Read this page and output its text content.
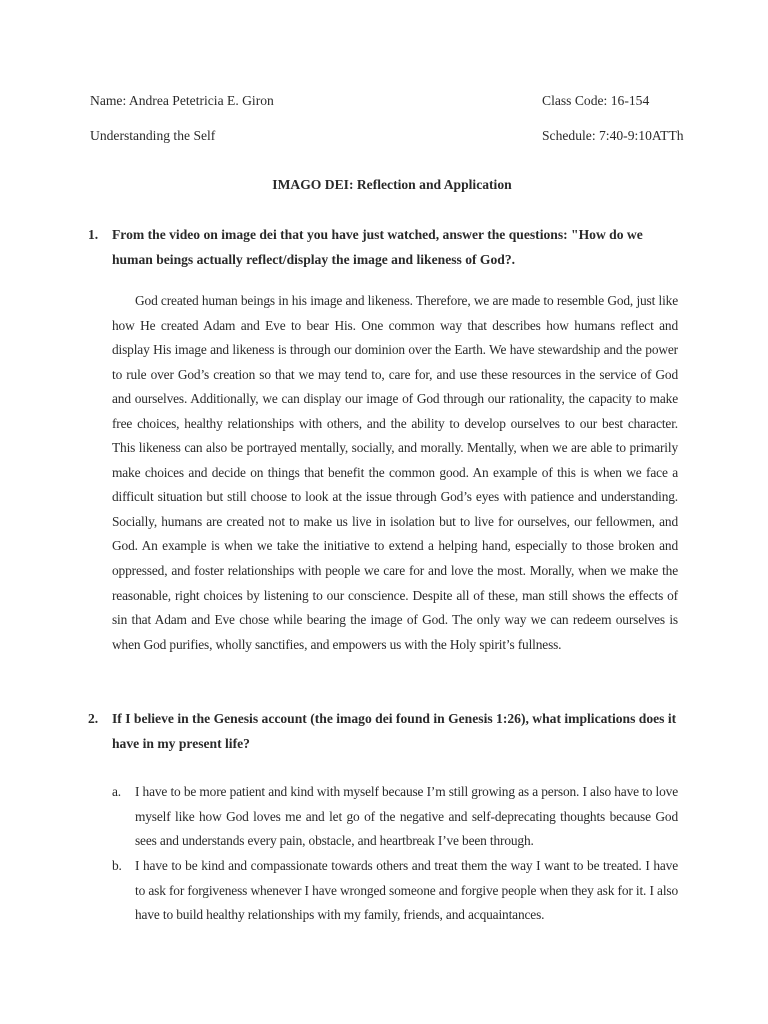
Name: Andrea Petetricia E. Giron	Class Code: 16-154
Understanding the Self	Schedule: 7:40-9:10ATTh
IMAGO DEI: Reflection and Application
1. From the video on image dei that you have just watched, answer the questions: "How do we human beings actually reflect/display the image and likeness of God?.
God created human beings in his image and likeness. Therefore, we are made to resemble God, just like how He created Adam and Eve to bear His. One common way that describes how humans reflect and display His image and likeness is through our dominion over the Earth. We have stewardship and the power to rule over God’s creation so that we may tend to, care for, and use these resources in the service of God and ourselves. Additionally, we can display our image of God through our rationality, the capacity to make free choices, healthy relationships with others, and the ability to develop ourselves to our best character. This likeness can also be portrayed mentally, socially, and morally. Mentally, when we are able to primarily make choices and decide on things that benefit the common good. An example of this is when we face a difficult situation but still choose to look at the issue through God’s eyes with patience and understanding. Socially, humans are created not to make us live in isolation but to live for ourselves, our fellowmen, and God. An example is when we take the initiative to extend a helping hand, especially to those broken and oppressed, and foster relationships with people we care for and love the most. Morally, when we make the reasonable, right choices by listening to our conscience. Despite all of these, man still shows the effects of sin that Adam and Eve chose while bearing the image of God. The only way we can redeem ourselves is when God purifies, wholly sanctifies, and empowers us with the Holy spirit’s fullness.
2. If I believe in the Genesis account (the imago dei found in Genesis 1:26), what implications does it have in my present life?
a. I have to be more patient and kind with myself because I’m still growing as a person. I also have to love myself like how God loves me and let go of the negative and self-deprecating thoughts because God sees and understands every pain, obstacle, and heartbreak I’ve been through.
b. I have to be kind and compassionate towards others and treat them the way I want to be treated. I have to ask for forgiveness whenever I have wronged someone and forgive people when they ask for it. I also have to build healthy relationships with my family, friends, and acquaintances.
